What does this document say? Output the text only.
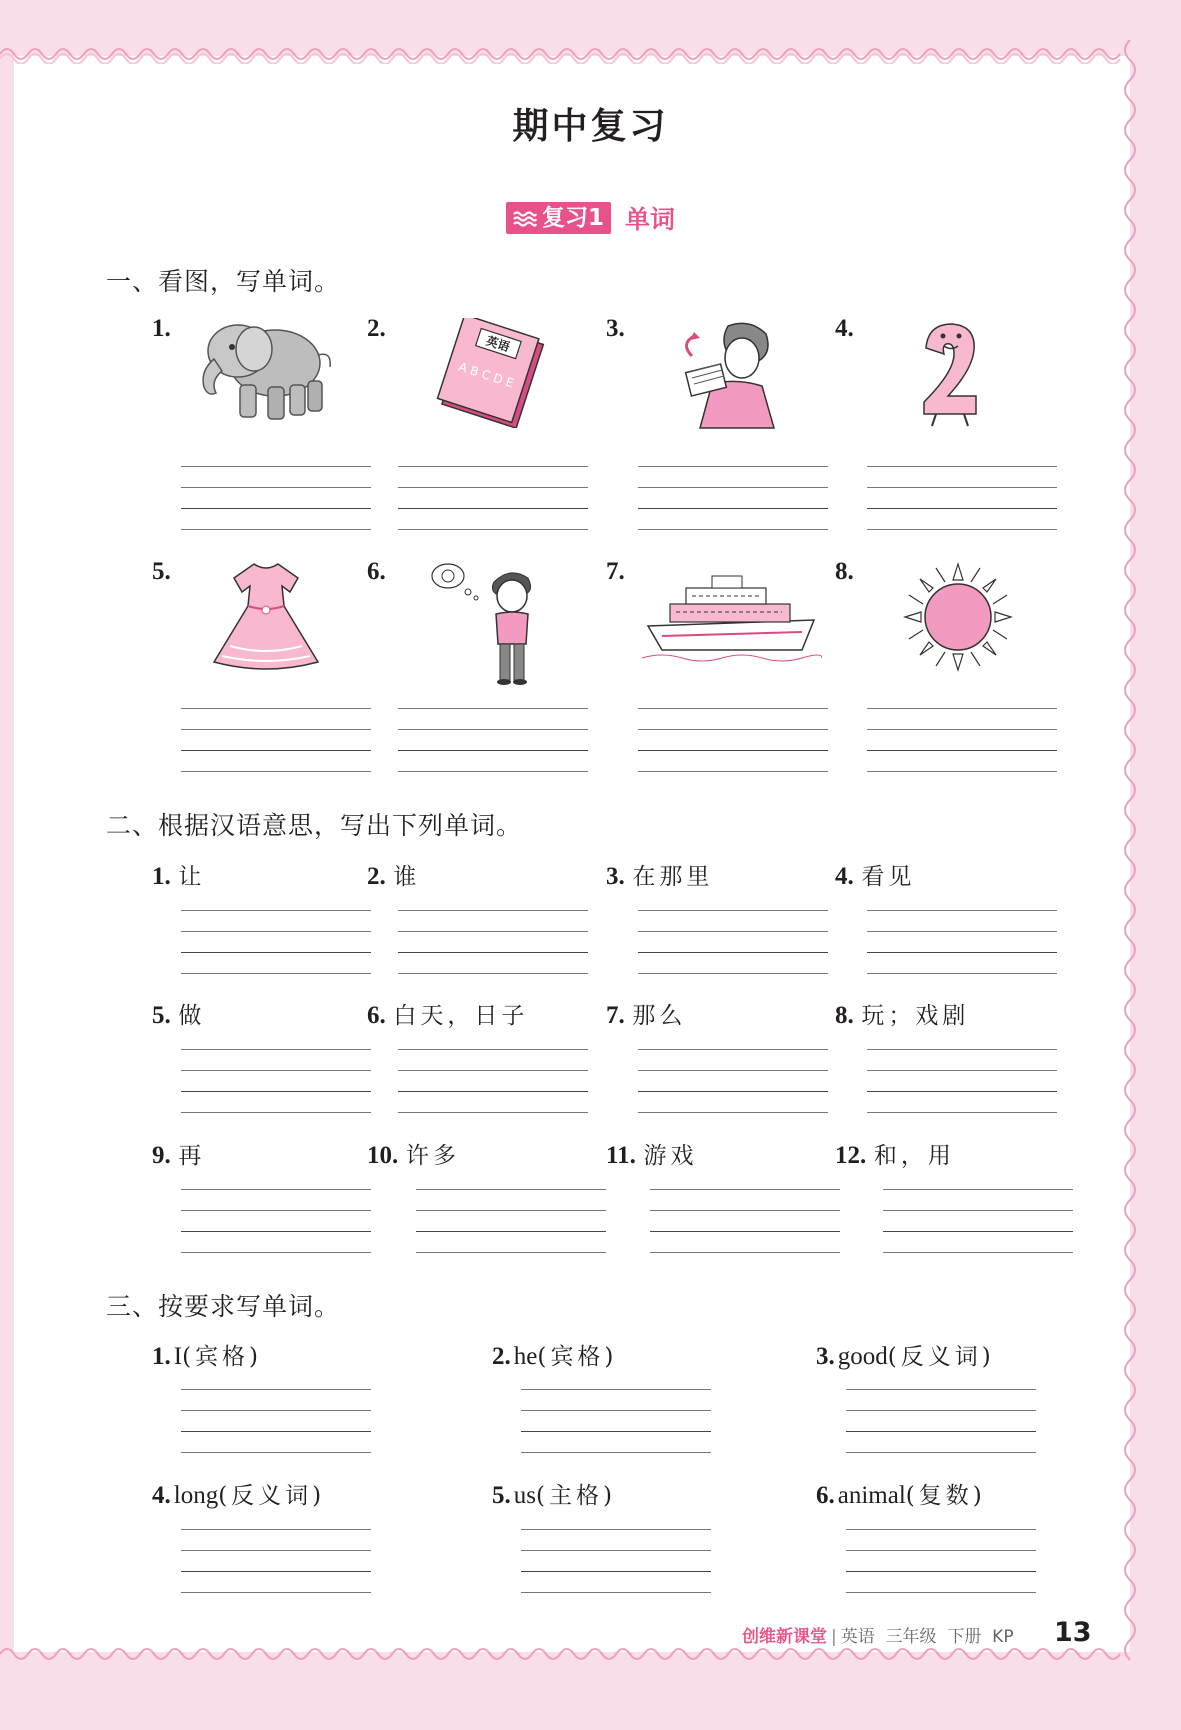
期中复习
复习1 单词
一、看图，写单词。
1.	2.	3.	4.
英语
A B C D E
5.	6.	7.	8.
二、根据汉语意思，写出下列单词。
1. 让	2. 谁	3. 在那里	4. 看见
5. 做	6. 白天，日子	7. 那么	8. 玩；戏剧
9. 再	10. 许多	11. 游戏	12. 和，用
三、按要求写单词。
1. I(宾格)	2. he(宾格)	3. good(反义词)
4. long(反义词)	5. us(主格)	6. animal(复数)
创维新课堂 | 英语 三年级 下册 KP 13
